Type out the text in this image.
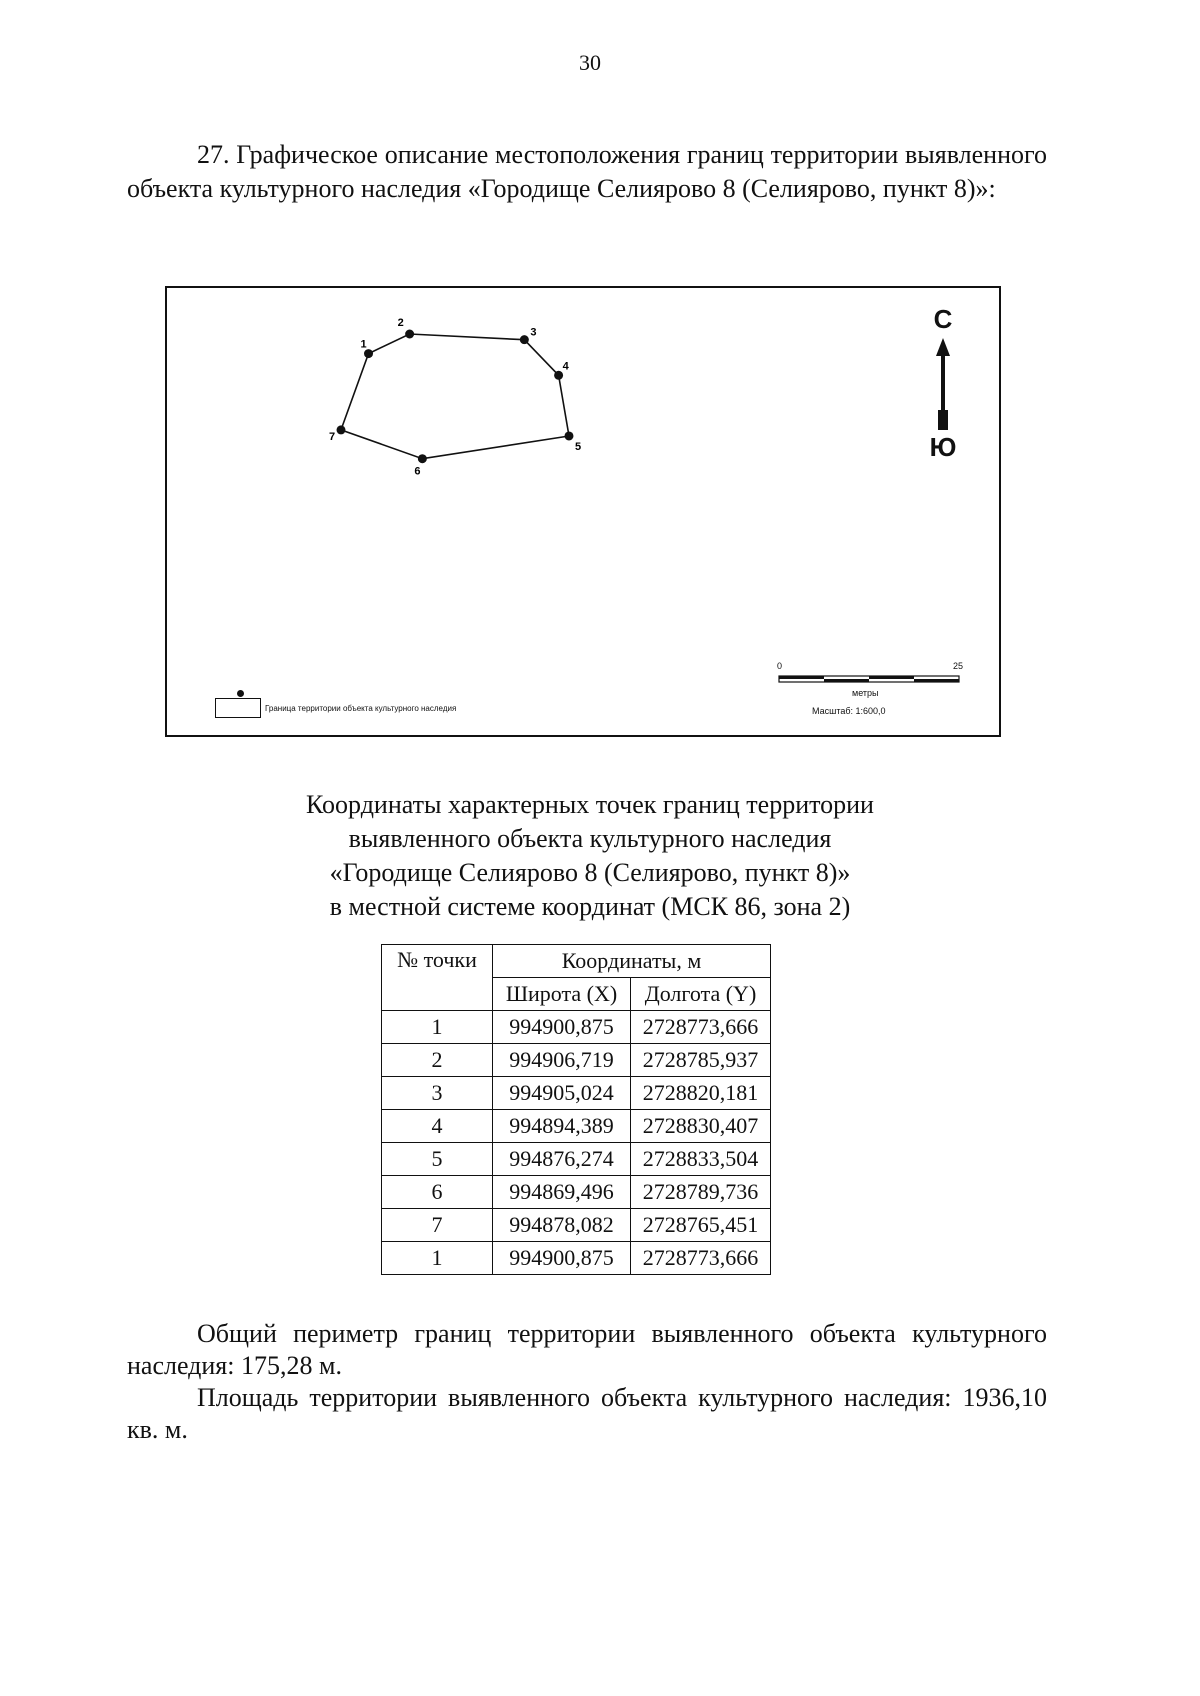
30
27. Графическое описание местоположения границ территории выявленного объекта культурного наследия «Городище Селиярово 8 (Селиярово, пункт 8)»:
1
2
3
4
5
6
7
С
Ю
0	25
метры
Масштаб: 1:600,0
Граница территории объекта культурного наследия
Координаты характерных точек границ территории
выявленного объекта культурного наследия
«Городище Селиярово 8 (Селиярово, пункт 8)»
в местной системе координат (МСК 86, зона 2)
№ точки	Координаты, м	
	Широта (X)	Долгота (Y)
1	994900,875	2728773,666
2	994906,719	2728785,937
3	994905,024	2728820,181
4	994894,389	2728830,407
5	994876,274	2728833,504
6	994869,496	2728789,736
7	994878,082	2728765,451
1	994900,875	2728773,666
Общий периметр границ территории выявленного объекта культурного наследия: 175,28 м.
Площадь территории выявленного объекта культурного наследия: 1936,10 кв. м.
